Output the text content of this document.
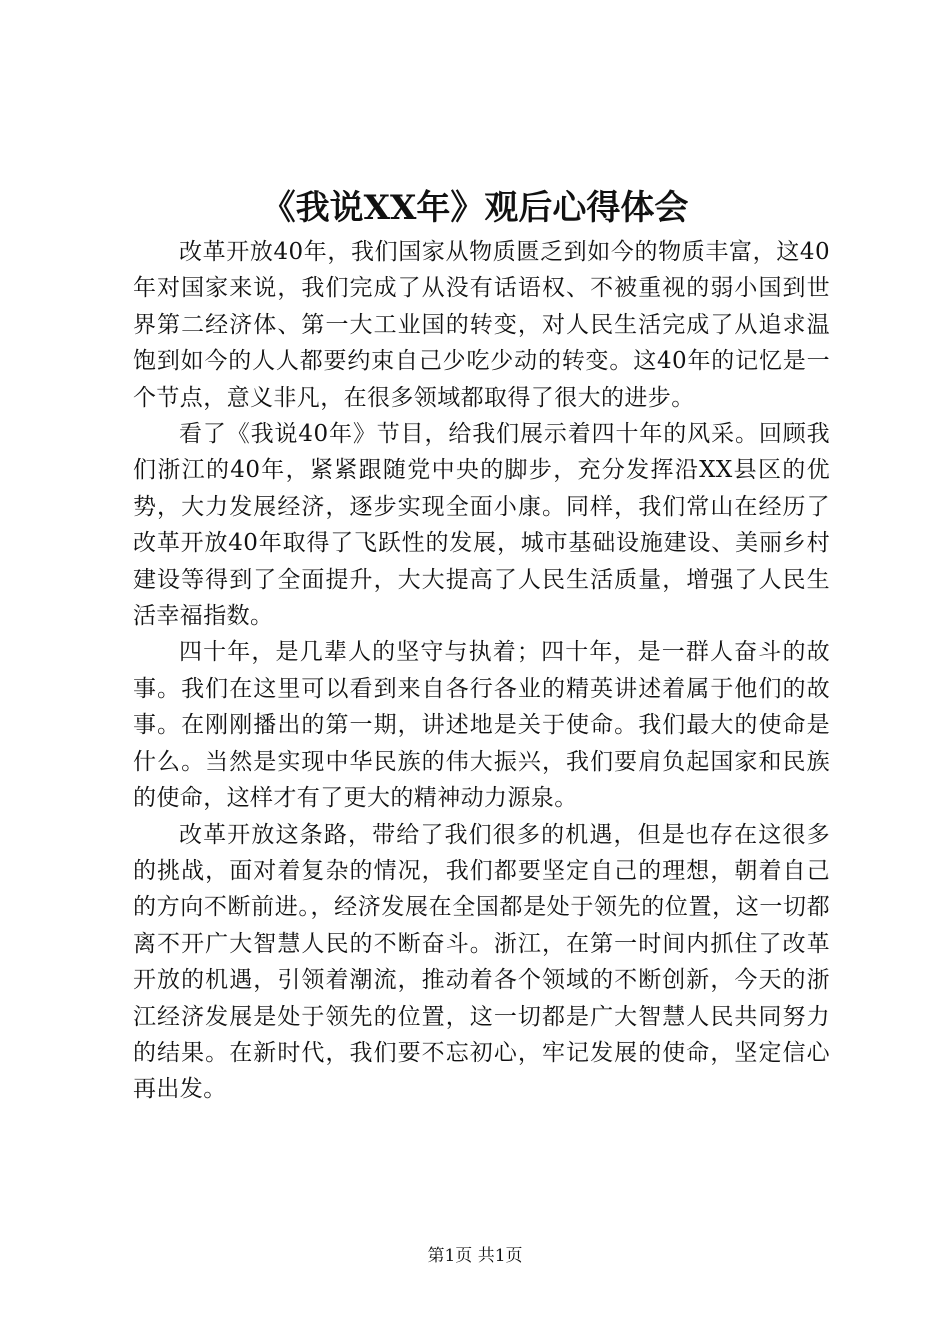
《我说XX年》观后心得体会

改革开放40年，我们国家从物质匮乏到如今的物质丰富，这40年对国家来说，我们完成了从没有话语权、不被重视的弱小国到世界第二经济体、第一大工业国的转变，对人民生活完成了从追求温饱到如今的人人都要约束自己少吃少动的转变。这40年的记忆是一个节点，意义非凡，在很多领域都取得了很大的进步。

看了《我说40年》节目，给我们展示着四十年的风采。回顾我们浙江的40年，紧紧跟随党中央的脚步，充分发挥沿XX县区的优势，大力发展经济，逐步实现全面小康。同样，我们常山在经历了改革开放40年取得了飞跃性的发展，城市基础设施建设、美丽乡村建设等得到了全面提升，大大提高了人民生活质量，增强了人民生活幸福指数。

四十年，是几辈人的坚守与执着；四十年，是一群人奋斗的故事。我们在这里可以看到来自各行各业的精英讲述着属于他们的故事。在刚刚播出的第一期，讲述地是关于使命。我们最大的使命是什么。当然是实现中华民族的伟大振兴，我们要肩负起国家和民族的使命，这样才有了更大的精神动力源泉。

改革开放这条路，带给了我们很多的机遇，但是也存在这很多的挑战，面对着复杂的情况，我们都要坚定自己的理想，朝着自己的方向不断前进。，经济发展在全国都是处于领先的位置，这一切都离不开广大智慧人民的不断奋斗。浙江，在第一时间内抓住了改革开放的机遇，引领着潮流，推动着各个领域的不断创新，今天的浙江经济发展是处于领先的位置，这一切都是广大智慧人民共同努力的结果。在新时代，我们要不忘初心，牢记发展的使命，坚定信心再出发。

第1页 共1页
